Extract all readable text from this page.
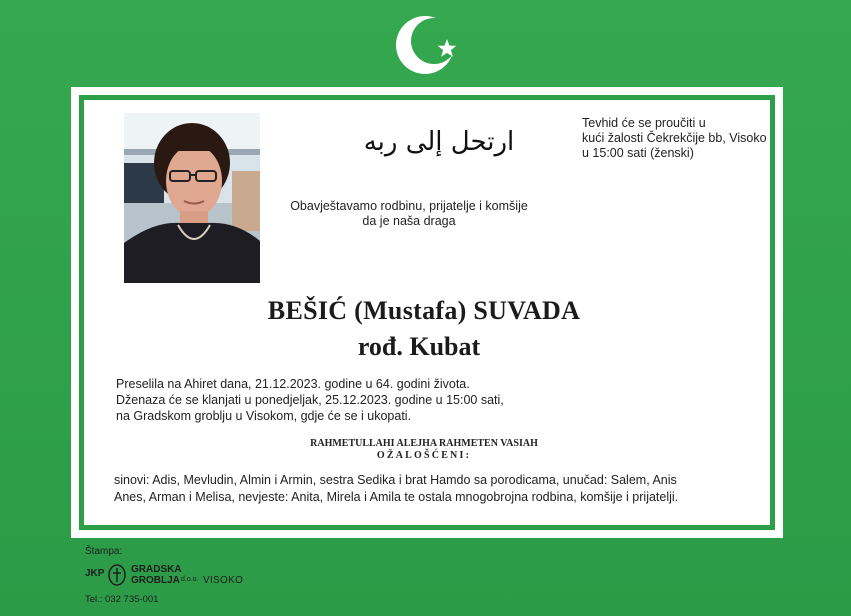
ارتحل إلى ربه
Tevhid će se proučiti u
kući žalosti Čekrekčije bb, Visoko
u 15:00 sati (ženski)
Obavještavamo rodbinu, prijatelje i komšije
da je naša draga
BEŠIĆ (Mustafa) SUVADA
rođ. Kubat
Preselila na Ahiret dana, 21.12.2023. godine u 64. godini života.
Dženaza će se klanjati u ponedjeljak, 25.12.2023. godine u 15:00 sati,
na Gradskom groblju u Visokom, gdje će se i ukopati.
RAHMETULLAHI ALEJHA RAHMETEN VASIAH
OŽALOŠĆENI:
sinovi: Adis, Mevludin, Almin i Armin, sestra Sedika i brat Hamdo sa porodicama, unučad: Salem, Anis
Anes, Arman i Melisa, nevjeste: Anita, Mirela i Amila te ostala mnogobrojna rodbina, komšije i prijatelji.
Štampa:
JKP	GRADSKA
GROBLJA d.o.o. VISOKO
Tel.: 032 735-001
